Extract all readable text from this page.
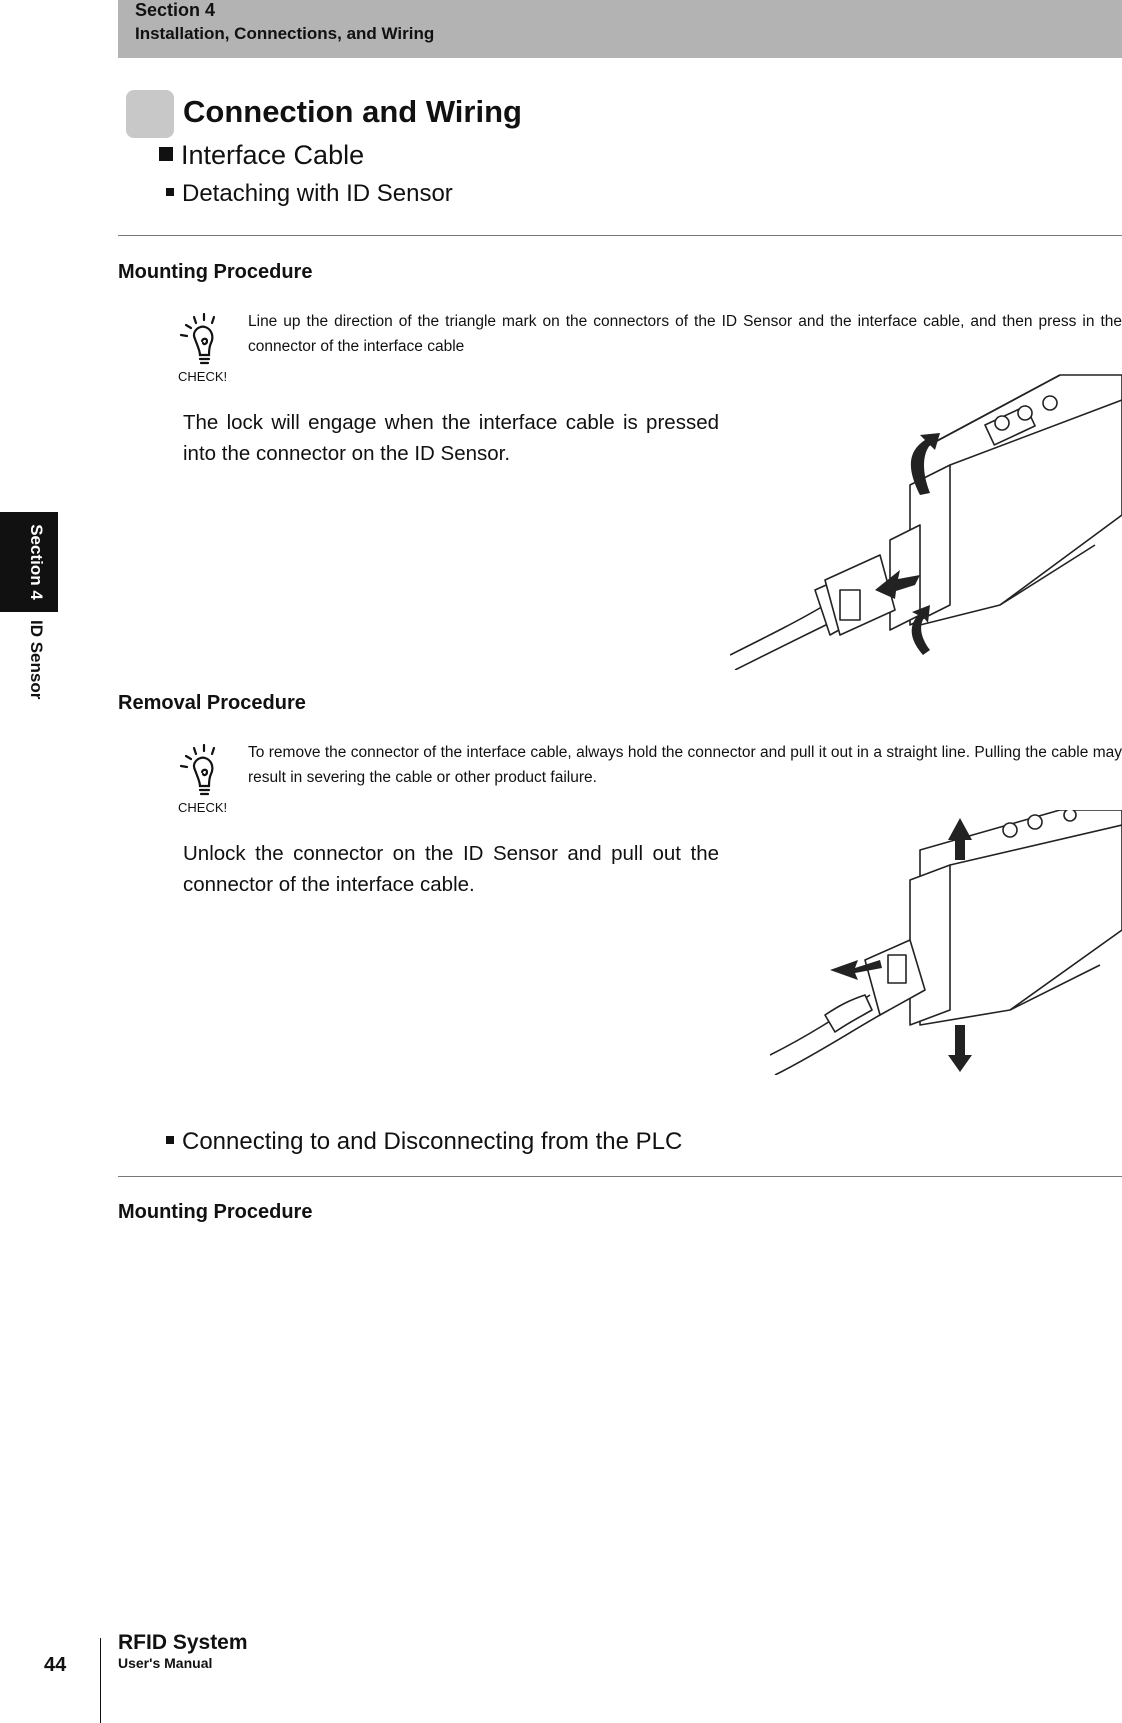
Section 4
Installation, Connections, and Wiring
Section 4ID Sensor
Connection and Wiring
Interface Cable
Detaching with ID Sensor
Mounting Procedure
CHECK!
Line up the direction of the triangle mark on the connectors of the ID Sensor and the interface cable, and then press in the connector of the interface cable
The lock will engage when the interface cable is pressed into the connector on the ID Sensor.
Removal Procedure
CHECK!
To remove the connector of the interface cable, always hold the connector and pull it out in a straight line. Pulling the cable may result in severing the cable or other product failure.
Unlock the connector on the ID Sensor and pull out the connector of the interface cable.
Connecting to and Disconnecting from the PLC
Mounting Procedure
44
RFID System
User's Manual
